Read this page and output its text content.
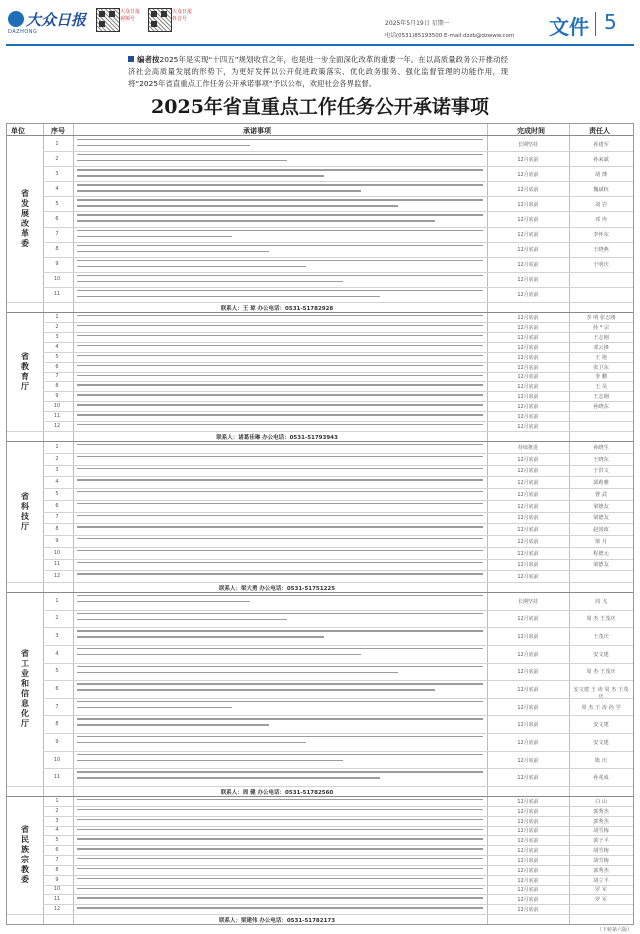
大众日报
DAZHONG
大众日报视频号
大众日报抖音号
2025年5月19日 星期一
电话(0531)85193500 E-mail:dzzb@dzwww.com 文件 5
编者按2025年是实现“十四五”规划收官之年，也是进一步全面深化改革的重要一年。在以高质量政务公开推动经济社会高质量发展的形势下，为更好发挥以公开促进政策落实、优化政务服务、强化监督管理的功能作用，现将“2025年省直重点工作任务公开承诺事项”予以公布，欢迎社会各界监督。
2025年省直重点工作任务公开承诺事项
单位	序号	承诺事项	完成时间	责任人
省发展改革委
1	长期坚持	孙建军
2	12月底前	孙来斌
3	12月底前	胡 薄
4	12月底前	魏斌杭
5	12月底前	刘 岩
6	12月底前	邓 冉
7	12月底前	李怀东
8	12月底前	王晓燕
9	12月底前	于明庆
10	12月底前
11	12月底前
联系人：王 琼 办公电话：0531-51782928
省教育厅
1	12月底前	李 明 张志刚
2	12月底前	孙 * 宗
3	12月底前	王志刚
4	12月底前	邓云锋
5	12月底前	王 艳
6	12月底前	张卫东
7	12月底前	李 鹏
8	12月底前	王 昊
9	12月底前	王志刚
10	12月底前	孙晓东
11	12月底前
12	12月底前
联系人：诸葛佳琳 办公电话：0531-51793943
省科技厅
1	持续推进	孙晓生
2	12月底前	王晓东
3	12月底前	于洪文
4	12月底前	邱莉雅
5	12月底前	曹 武
6	12月底前	梁德友
7	12月底前	梁德友
8	12月底前	赵国政
9	12月底前	梁 月
10	12月底前	程德元
11	12月底前	梁德友
12	12月底前
联系人：梁大勇 办公电话：0531-51751225
省工业和信息化厅
1	长期坚持	周 飞
2	12月底前	周 杰 王茂庆
3	12月底前	王茂庆
4	12月底前	安文建
5	12月底前	周 杰 王茂庆
6	12月底前	安文建 王 涛 周 杰 王茂
7	12月底前	周 杰 王 涛 孙 学
8	12月底前	安文建
9	12月底前	安文建
10	12月底前	陈 庆
11	12月底前	孙兆成
联系人：周 健 办公电话：0531-51782560
省民族宗教委
1	12月底前	白 山
2	12月底前	郭秀杰
3	12月底前	郭秀杰
4	12月底前	胡雪梅
5	12月底前	郭子平
6	12月底前	胡雪梅
7	12月底前	胡雪梅
8	12月底前	郭秀杰
9	12月底前	胡立平
10	12月底前	罗 军
11	12月底前	罗 军
12	12月底前
联系人：梁建伟 办公电话：0531-51782173
（下转第六版）
